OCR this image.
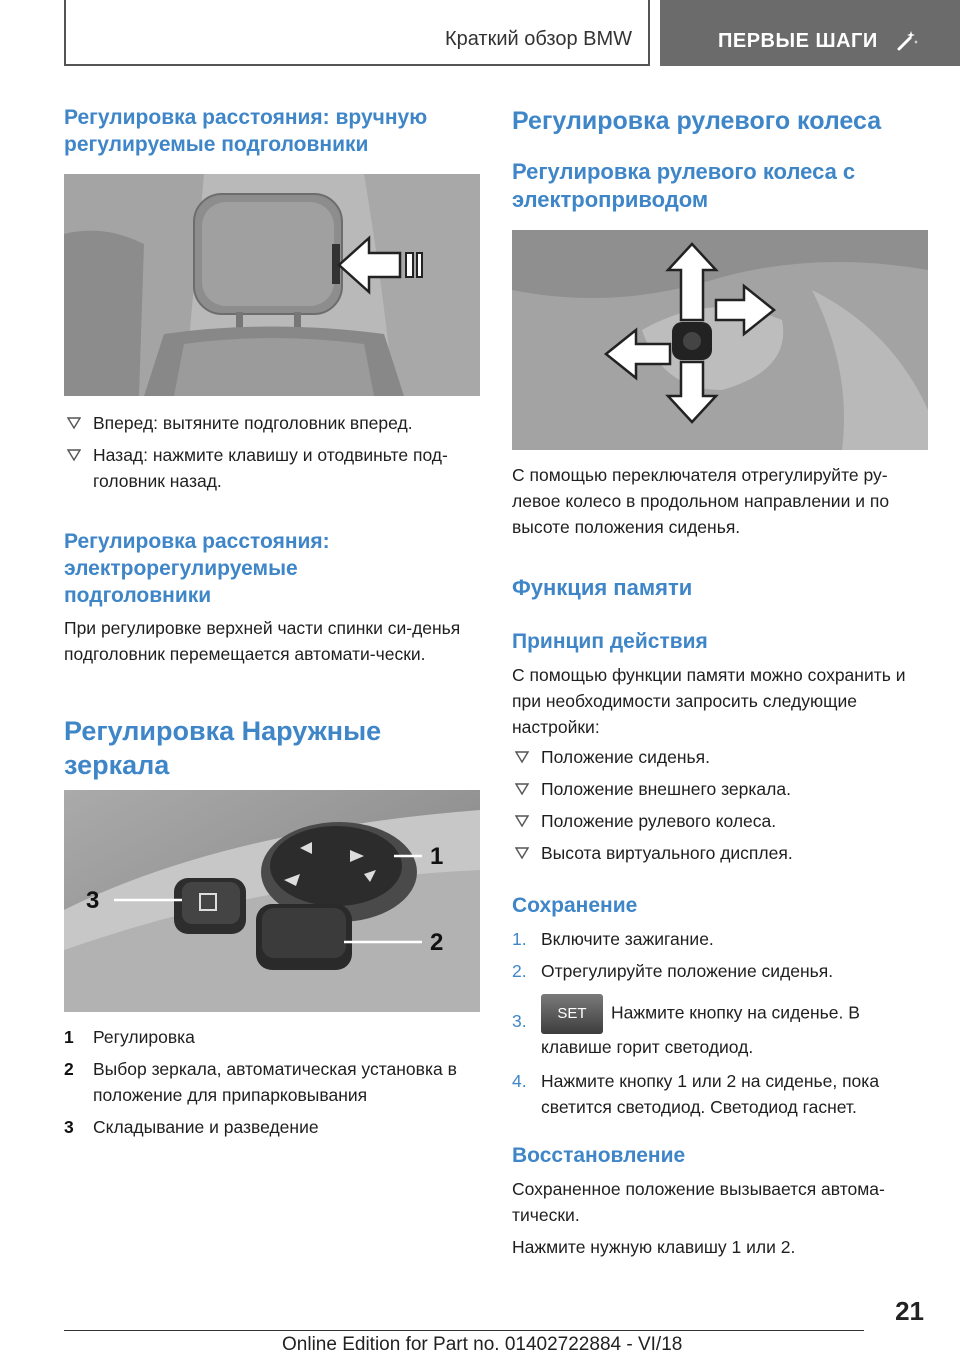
Краткий обзор BMW	ПЕРВЫЕ ШАГИ
Регулировка расстояния: вручную регулируемые подголовники
Вперед: вытяните подголовник вперед.
Назад: нажмите клавишу и отодвиньте под-головник назад.
Регулировка расстояния: электрорегулируемые подголовники
При регулировке верхней части спинки си-денья подголовник перемещается автомати-чески.
Регулировка Наружные зеркала
3
1
2
1 Регулировка
2 Выбор зеркала, автоматическая установка в положение для припарковывания
3 Складывание и разведение
Регулировка рулевого колеса
Регулировка рулевого колеса с электроприводом
С помощью переключателя отрегулируйте ру-левое колесо в продольном направлении и по высоте положения сиденья.
Функция памяти
Принцип действия
С помощью функции памяти можно сохранить и при необходимости запросить следующие настройки:
Положение сиденья.
Положение внешнего зеркала.
Положение рулевого колеса.
Высота виртуального дисплея.
Сохранение
1. Включите зажигание.
2. Отрегулируйте положение сиденья.
3. SET Нажмите кнопку на сиденье. В клавише горит светодиод.
4. Нажмите кнопку 1 или 2 на сиденье, пока светится светодиод. Светодиод гаснет.
Восстановление
Сохраненное положение вызывается автома-тически.
Нажмите нужную клавишу 1 или 2.
21
Online Edition for Part no. 01402722884 - VI/18
